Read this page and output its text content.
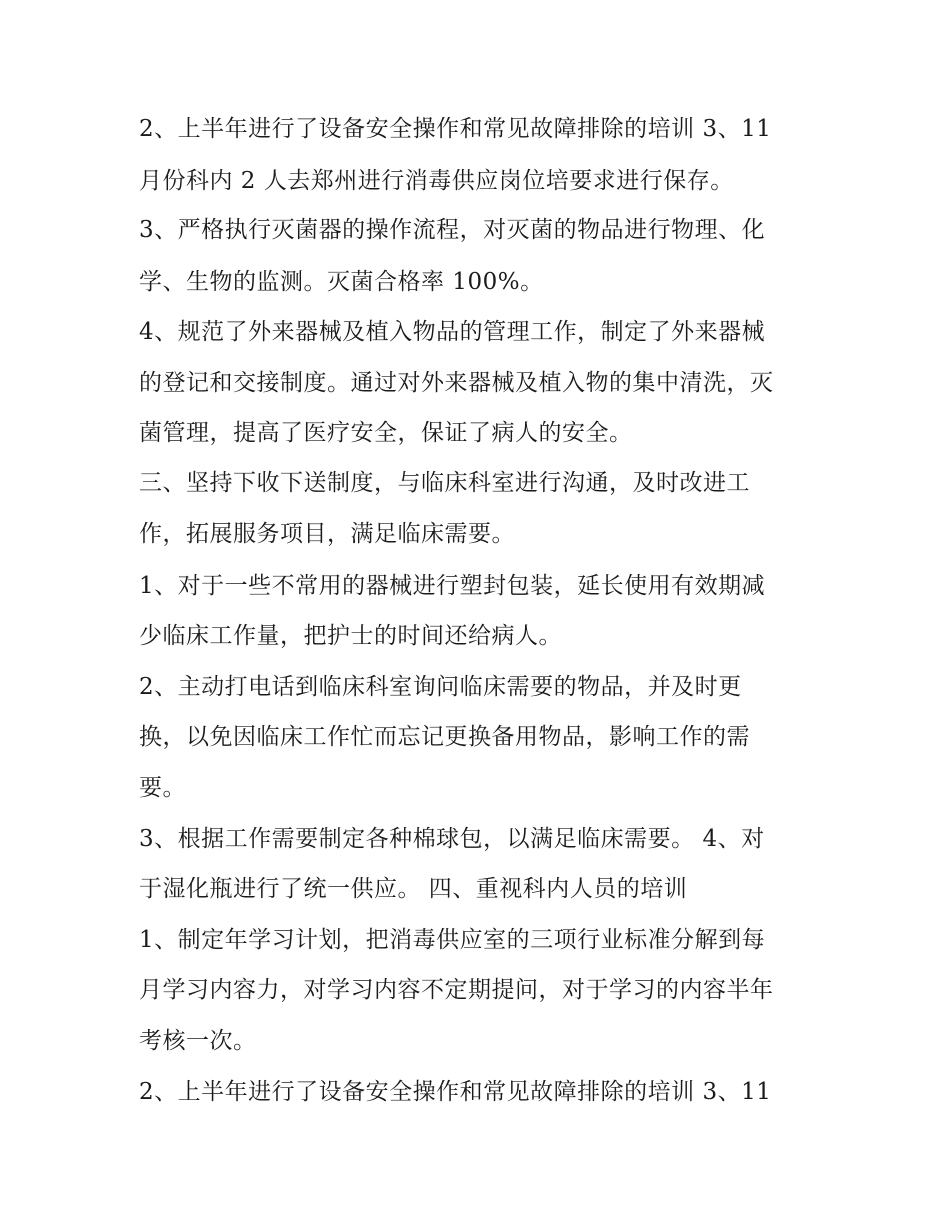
2、上半年进行了设备安全操作和常见故障排除的培训 3、11
月份科内 2 人去郑州进行消毒供应岗位培要求进行保存。
3、严格执行灭菌器的操作流程，对灭菌的物品进行物理、化
学、生物的监测。灭菌合格率 100%。
4、规范了外来器械及植入物品的管理工作，制定了外来器械
的登记和交接制度。通过对外来器械及植入物的集中清洗，灭
菌管理，提高了医疗安全，保证了病人的安全。
三、坚持下收下送制度，与临床科室进行沟通，及时改进工
作，拓展服务项目，满足临床需要。
1、对于一些不常用的器械进行塑封包装，延长使用有效期减
少临床工作量，把护士的时间还给病人。
2、主动打电话到临床科室询问临床需要的物品，并及时更
换，以免因临床工作忙而忘记更换备用物品，影响工作的需
要。
3、根据工作需要制定各种棉球包，以满足临床需要。 4、对
于湿化瓶进行了统一供应。 四、重视科内人员的培训
1、制定年学习计划，把消毒供应室的三项行业标准分解到每
月学习内容力，对学习内容不定期提问，对于学习的内容半年
考核一次。
2、上半年进行了设备安全操作和常见故障排除的培训 3、11
